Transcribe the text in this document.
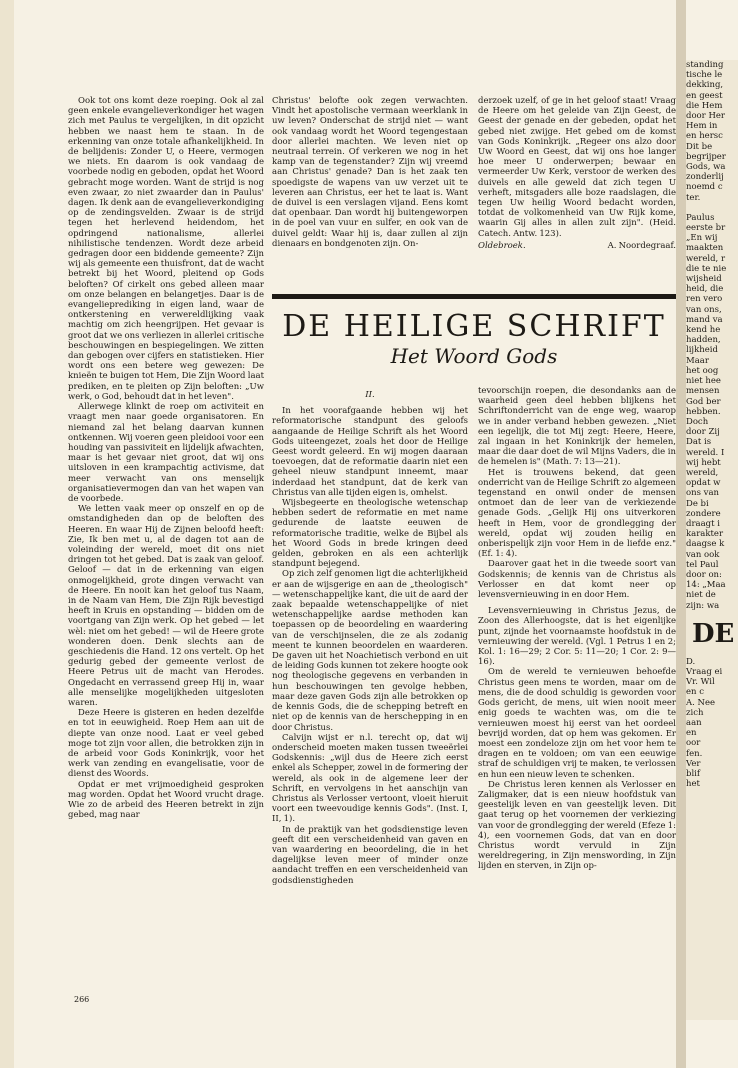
Ook tot ons komt deze roeping. Ook al zal geen enkele evangelieverkondiger het wagen zich met Paulus te vergelijken, in dit opzicht hebben we naast hem te staan. In de erkenning van onze totale afhankelijkheid. In de belijdenis: Zonder U, o Heere, vermogen we niets. En daarom is ook vandaag de voorbede nodig en geboden, opdat het Woord gebracht moge worden. Want de strijd is nog even zwaar, zo niet zwaarder dan in Paulus' dagen. Ik denk aan de evangelieverkondiging op de zendingsvelden. Zwaar is de strijd tegen het herlevend heidendom, het opdringend nationalisme, allerlei nihilistische tendenzen. Wordt deze arbeid gedragen door een biddende gemeente? Zijn wij als gemeente een thuisfront, dat de wacht betrekt bij het Woord, pleitend op Gods beloften? Of cirkelt ons gebed alleen maar om onze belangen en belangetjes. Daar is de evangelieprediking in eigen land, waar de ontkerstening en verwereldlijking vaak machtig om zich heengrijpen. Het gevaar is groot dat we ons verliezen in allerlei critische beschouwingen en bespiegelingen. We zitten dan gebogen over cijfers en statistieken. Hier wordt ons een betere weg gewezen: De knieën te buigen tot Hem, Die Zijn Woord laat prediken, en te pleiten op Zijn beloften: „Uw werk, o God, behoudt dat in het leven".

Allerwege klinkt de roep om activiteit en vraagt men naar goede organisatoren. En niemand zal het belang daarvan kunnen ontkennen. Wij voeren geen pleidooi voor een houding van passiviteit en lijdelijk afwachten, maar is het gevaar niet groot, dat wij ons uitsloven in een krampachtig activisme, dat meer verwacht van ons menselijk organisatievermogen dan van het wapen van de voorbede.

We letten vaak meer op onszelf en op de omstandigheden dan op de beloften des Heeren. En waar Hij de Zijnen beloofd heeft: Zie, Ik ben met u, al de dagen tot aan de voleinding der wereld, moet dit ons niet dringen tot het gebed. Dat is zaak van geloof. Geloof — dat in de erkenning van eigen onmogelijkheid, grote dingen verwacht van de Heere. En nooit kan het geloof tus Naam, in de Naam van Hem, Die Zijn Rijk bevestigd heeft in Kruis en opstanding — bidden om de voortgang van Zijn werk. Op het gebed — let wèl: niet om het gebed! — wil de Heere grote wonderen doen. Denk slechts aan de geschiedenis die Hand. 12 ons vertelt. Op het gedurig gebed der gemeente verlost de Heere Petrus uit de macht van Herodes. Ongedacht en verrassend greep Hij in, waar alle menselijke mogelijkheden uitgesloten waren.

Deze Heere is gisteren en heden dezelfde en tot in eeuwigheid. Roep Hem aan uit de diepte van onze nood. Laat er veel gebed moge tot zijn voor allen, die betrokken zijn in de arbeid voor Gods Koninkrijk, voor het werk van zending en evangelisatie, voor de dienst des Woords.

Opdat er met vrijmoedigheid gesproken mag worden. Opdat het Woord vrucht drage. Wie zo de arbeid des Heeren betrekt in zijn gebed, mag naar

Christus' belofte ook zegen verwachten. Vindt het apostolische vermaan weerklank in uw leven? Onderschat de strijd niet — want ook vandaag wordt het Woord tegengestaan door allerlei machten. We leven niet op neutraal terrein. Of verkeren we nog in het kamp van de tegenstander? Zijn wij vreemd aan Christus' genade? Dan is het zaak ten spoedigste de wapens van uw verzet uit te leveren aan Christus, eer het te laat is. Want de duivel is een verslagen vijand. Eens komt dat openbaar. Dan wordt hij buitengeworpen in de poel van vuur en sulfer, en ook van de duivel geldt: Waar hij is, daar zullen al zijn dienaars en bondgenoten zijn. On-

derzoek uzelf, of ge in het geloof staat! Vraag de Heere om het geleide van Zijn Geest, de Geest der genade en der gebeden, opdat het gebed niet zwijge. Het gebed om de komst van Gods Koninkrijk. „Regeer ons alzo door Uw Woord en Geest, dat wij ons hoe langer hoe meer U onderwerpen; bewaar en vermeerder Uw Kerk, verstoor de werken des duivels en alle geweld dat zich tegen U verheft, mitsgaders alle boze raadslagen, die tegen Uw heilig Woord bedacht worden, totdat de volkomenheid van Uw Rijk kome, waarin Gij alles in allen zult zijn". (Heid. Catech. Antw. 123).

Oldebroek.	A. Noordegraaf.
DE HEILIGE SCHRIFT
Het Woord Gods
II.

In het voorafgaande hebben wij het reformatorische standpunt des geloofs aangaande de Heilige Schrift als het Woord Gods uiteengezet, zoals het door de Heilige Geest wordt geleerd. En wij mogen daaraan toevoegen, dat de reformatie daarin niet een geheel nieuw standpunt inneemt, maar inderdaad het standpunt, dat de kerk van Christus van alle tijden eigen is, omhelst.

Wijsbegeerte en theologische wetenschap hebben sedert de reformatie en met name gedurende de laatste eeuwen de reformatorische traditie, welke de Bijbel als het Woord Gods in brede kringen deed gelden, gebroken en als een achterlijk standpunt bejegend.

Op zich zelf genomen ligt die achterlijkheid er aan de wijsgerige en aan de „theologisch" — wetenschappelijke kant, die uit de aard der zaak bepaalde wetenschappelijke of niet wetenschappelijke aardse methoden kan toepassen op de beoordeling en waardering van de verschijnselen, die ze als zodanig meent te kunnen beoordelen en waarderen. De gaven uit het Noachietisch verbond en uit de leiding Gods kunnen tot zekere hoogte ook nog theologische gegevens en verbanden in hun beschouwingen ten gevolge hebben, maar deze gaven Gods zijn alle betrokken op de kennis Gods, die de schepping betreft en niet op de kennis van de herschepping in en door Christus.

Calvijn wijst er n.l. terecht op, dat wij onderscheid moeten maken tussen tweeërlei Godskennis: „wijl dus de Heere zich eerst enkel als Schepper, zowel in de formering der wereld, als ook in de algemene leer der Schrift, en vervolgens in het aanschijn van Christus als Verlosser vertoont, vloeit hieruit voort een tweevoudige kennis Gods". (Inst. I, II, 1).

In de praktijk van het godsdienstige leven geeft dit een verscheidenheid van gaven en van waardering en beoordeling, die in het dagelijkse leven meer of minder onze aandacht treffen en een verscheidenheid van godsdienstigheden

tevoorschijn roepen, die desondanks aan de waarheid geen deel hebben blijkens het Schriftonderricht van de enge weg, waarop we in ander verband hebben gewezen. „Niet een iegelijk, die tot Mij zegt: Heere, Heere, zal ingaan in het Koninkrijk der hemelen, maar die daar doet de wil Mijns Vaders, die in de hemelen is" (Math. 7: 13—21).

Het is trouwens bekend, dat geen onderricht van de Heilige Schrift zo algemeen tegenstand en onwil onder de mensen ontmoet dan de leer van de verkiezende genade Gods. „Gelijk Hij ons uitverkoren heeft in Hem, voor de grondlegging der wereld, opdat wij zouden heilig en onberispelijk zijn voor Hem in de liefde enz." (Ef. 1: 4).

Daarover gaat het in die tweede soort van Godskennis; de kennis van de Christus als Verlosser en dat komt neer op levensvernieuwing in en door Hem.

Levensvernieuwing in Christus Jezus, de Zoon des Allerhoogste, dat is het eigenlijke punt, zijnde het voornaamste hoofdstuk in de vernieuwing der wereld. (Vgl. 1 Petrus 1 en 2; Kol. 1: 16—29; 2 Cor. 5: 11—20; 1 Cor. 2: 9—16).

Om de wereld te vernieuwen behoefde Christus geen mens te worden, maar om de mens, die de dood schuldig is geworden voor Gods gericht, de mens, uit wien nooit meer enig goeds te wachten was, om die te vernieuwen moest hij eerst van het oordeel bevrijd worden, dat op hem was gekomen. Er moest een zondeloze zijn om het voor hem te dragen en te voldoen; om van een eeuwige straf de schuldigen vrij te maken, te verlossen en hun een nieuw leven te schenken.

De Christus leren kennen als Verlosser en Zaligmaker, dat is een nieuw hoofdstuk van geestelijk leven en van geestelijk leven. Dit gaat terug op het voornemen der verkiezing van voor de grondlegging der wereld (Efeze 1: 4), een voornemen Gods, dat van en door Christus wordt vervuld in Zijn wereldregering, in Zijn menswording, in Zijn lijden en sterven, in Zijn op-

266

standing

tische le

dekking,

en geest

die Hem

door Her

Hem in

en hersc

Dit be

begrijper

Gods, wa

zonderlij

noemd c

ter.

Paulus

eerste br

„En wij

maakten

wereld, r

die te nie

wijsheid

heid, die

ren vero

van ons,

mand va

kend he

hadden,

lijkheid

Maar

het oog

niet hee

mensen

God ber

hebben.

Doch

door Zij

Dat is

wereld. I

wij hebt

wereld,

opdat w

ons van

De bi

zondere

draagt i

karakter

daagse k

van ook

tel Paul

door on:

14: „Maa

niet de

zijn: wa

DE

D.

Vraag ei

Vr. Wil

en c

A. Nee

zich

aan

en

oor

fen.

Ver

blif

het
